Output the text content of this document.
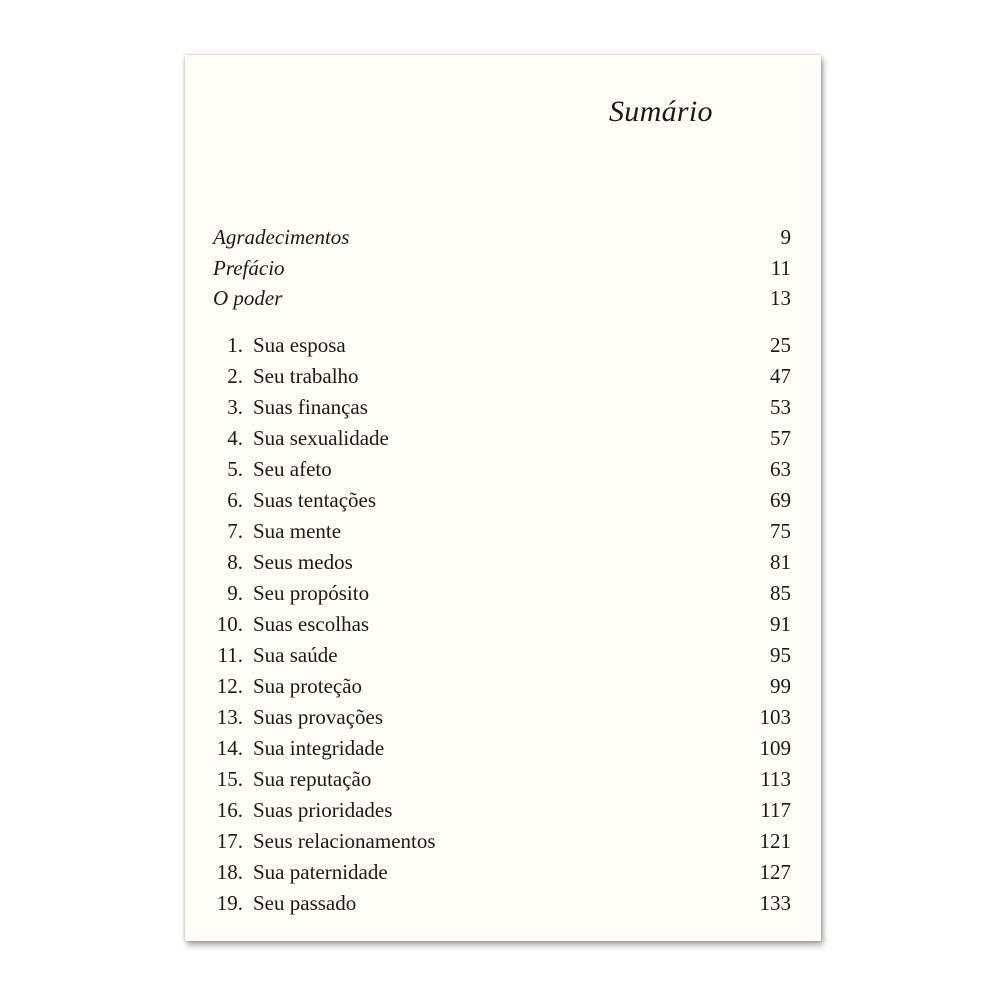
Sumário
Agradecimentos	9
Prefácio	11
O poder	13
1. Sua esposa	25
2. Seu trabalho	47
3. Suas finanças	53
4. Sua sexualidade	57
5. Seu afeto	63
6. Suas tentações	69
7. Sua mente	75
8. Seus medos	81
9. Seu propósito	85
10. Suas escolhas	91
11. Sua saúde	95
12. Sua proteção	99
13. Suas provações	103
14. Sua integridade	109
15. Sua reputação	113
16. Suas prioridades	117
17. Seus relacionamentos	121
18. Sua paternidade	127
19. Seu passado	133
